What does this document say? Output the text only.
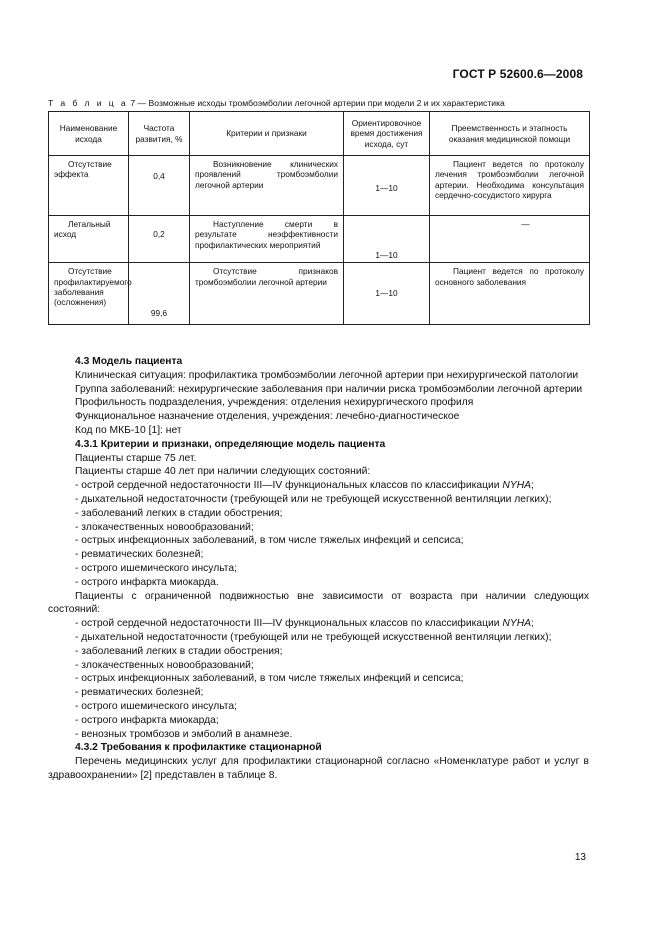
ГОСТ Р 52600.6—2008
Т а б л и ц а 7 — Возможные исходы тромбоэмболии легочной артерии при модели 2 и их характеристика
Наименование исхода	Частота развития, %	Критерии и признаки	Ориентировочное время достижения исхода, сут	Преемственность и этапность оказания медицинской помощи

Отсутствие эффекта	0,4	Возникновение клинических проявлений тромбоэмболии легочной артерии	1—10	Пациент ведется по протоколу лечения тромбоэмболии легочной артерии. Необходима консультация сердечно-сосудистого хирурга

Летальный исход	0,2	Наступление смерти в результате неэффективности профилактических мероприятий	1—10	—

Отсутствие профилактируемого заболевания (осложнения)	99,6	Отсутствие признаков тромбоэмболии легочной артерии	1—10	Пациент ведется по протоколу основного заболевания

4.3 Модель пациента

Клиническая ситуация: профилактика тромбоэмболии легочной артерии при нехирургической патологии

Группа заболеваний: нехирургические заболевания при наличии риска тромбоэмболии легочной артерии

Профильность подразделения, учреждения: отделения нехирургического профиля

Функциональное назначение отделения, учреждения: лечебно-диагностическое

Код по МКБ-10 [1]: нет

4.3.1 Критерии и признаки, определяющие модель пациента

Пациенты старше 75 лет.

Пациенты старше 40 лет при наличии следующих состояний:

- острой сердечной недостаточности III—IV функциональных классов по классификации NYHA;

- дыхательной недостаточности (требующей или не требующей искусственной вентиляции легких);

- заболеваний легких в стадии обострения;

- злокачественных новообразований;

- острых инфекционных заболеваний, в том числе тяжелых инфекций и сепсиса;

- ревматических болезней;

- острого ишемического инсульта;

- острого инфаркта миокарда.

Пациенты с ограниченной подвижностью вне зависимости от возраста при наличии следующих состояний:

- острой сердечной недостаточности III—IV функциональных классов по классификации NYHA;

- дыхательной недостаточности (требующей или не требующей искусственной вентиляции легких);

- заболеваний легких в стадии обострения;

- злокачественных новообразований;

- острых инфекционных заболеваний, в том числе тяжелых инфекций и сепсиса;

- ревматических болезней;

- острого ишемического инсульта;

- острого инфаркта миокарда;

- венозных тромбозов и эмболий в анамнезе.

4.3.2 Требования к профилактике стационарной

Перечень медицинских услуг для профилактики стационарной согласно «Номенклатуре работ и услуг в здравоохранении» [2] представлен в таблице 8.

13
